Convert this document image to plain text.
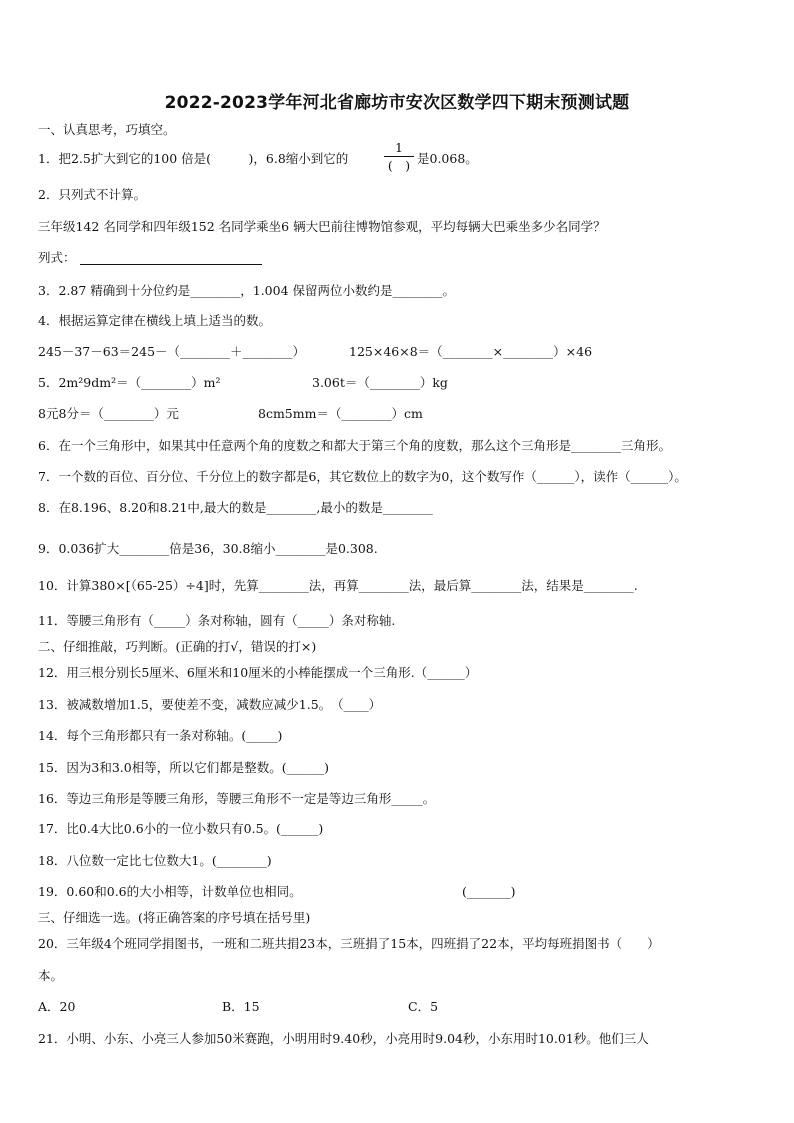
2022-2023学年河北省廊坊市安次区数学四下期末预测试题
一、认真思考，巧填空。
1．把2.5扩大到它的100 倍是(　　　)，6.8缩小到它的
1
(　) 是0.068。
2．只列式不计算。
三年级142 名同学和四年级152 名同学乘坐6 辆大巴前往博物馆参观，平均每辆大巴乘坐多少名同学？
列式：
3．2.87 精确到十分位约是________，1.004 保留两位小数约是________。
4．根据运算定律在横线上填上适当的数。
245－37－63＝245－（________＋________）	125×46×8＝（________×________）×46
5．2m²9dm²＝（________）m²	3.06t＝（________）kg
8元8分＝（________）元	8cm5mm＝（________）cm
6．在一个三角形中，如果其中任意两个角的度数之和都大于第三个角的度数，那么这个三角形是________三角形。
7．一个数的百位、百分位、千分位上的数字都是6，其它数位上的数字为0，这个数写作（______），读作（______）。
8．在8.196、8.20和8.21中,最大的数是________,最小的数是________
9．0.036扩大________倍是36，30.8缩小________是0.308.
10．计算380×[（65-25）÷4]时，先算________法，再算________法，最后算________法，结果是________.
11．等腰三角形有（_____）条对称轴，圆有（_____）条对称轴.
二、仔细推敲，巧判断。(正确的打√，错误的打×)
12．用三根分别长5厘米、6厘米和10厘米的小棒能摆成一个三角形.（______）
13．被减数增加1.5，要使差不变，减数应减少1.5。　（____）
14．每个三角形都只有一条对称轴。(_____)
15．因为3和3.0相等，所以它们都是整数。(______)
16．等边三角形是等腰三角形，等腰三角形不一定是等边三角形_____。
17．比0.4大比0.6小的一位小数只有0.5。(______)
18．八位数一定比七位数大1。(________)
19．0.60和0.6的大小相等，计数单位也相同。	(_______)
三、仔细选一选。(将正确答案的序号填在括号里)
20．三年级4个班同学捐图书，一班和二班共捐23本，三班捐了15本，四班捐了22本，平均每班捐图书（　　）
本。
A．20	B．15	C．5
21．小明、小东、小亮三人参加50米赛跑，小明用时9.40秒，小亮用时9.04秒，小东用时10.01秒。他们三人
